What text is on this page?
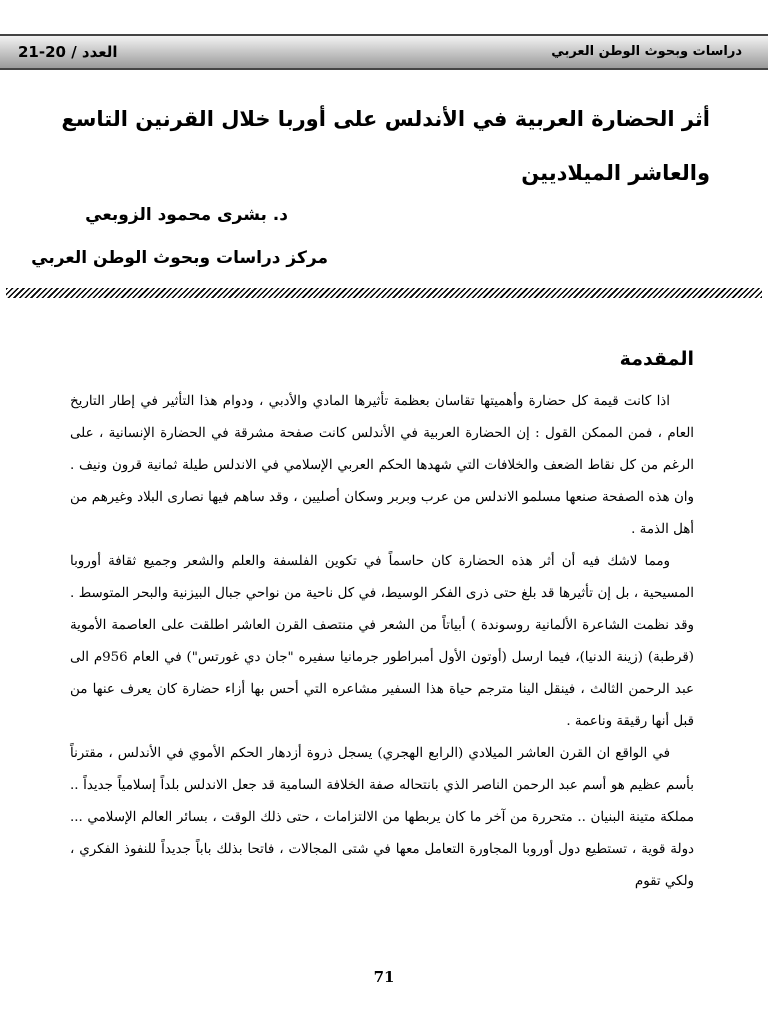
العدد / 20-21	دراسات وبحوث الوطن العربي
أثر الحضارة العربية في الأندلس على أوربا خلال القرنين التاسع والعاشر الميلاديين
د. بشرى محمود الزوبعي
مركز دراسات وبحوث الوطن العربي
المقدمة

اذا كانت قيمة كل حضارة وأهميتها تقاسان بعظمة تأثيرها المادي والأدبي ، ودوام هذا التأثير في إطار التاريخ العام ، فمن الممكن القول : إن الحضارة العربية في الأندلس كانت صفحة مشرقة في الحضارة الإنسانية ، على الرغم من كل نقاط الضعف والخلافات التي شهدها الحكم العربي الإسلامي في الاندلس طيلة ثمانية قرون ونيف . وان هذه الصفحة صنعها مسلمو الاندلس من عرب وبربر وسكان أصليين ، وقد ساهم فيها نصارى البلاد وغيرهم من أهل الذمة .

ومما لاشك فيه أن أثر هذه الحضارة كان حاسماً في تكوين الفلسفة والعلم والشعر وجميع ثقافة أوروبا المسيحية ، بل إن تأثيرها قد بلغ حتى ذرى الفكر الوسيط، في كل ناحية من نواحي جبال البيزنية والبحر المتوسط . وقد نظمت الشاعرة الألمانية روسوندة ) أبياتاً من الشعر في منتصف القرن العاشر اطلقت على العاصمة الأموية (قرطبة) (زينة الدنيا)، فيما ارسل (أوتون الأول أمبراطور جرمانيا سفيره "جان دي غورتس") في العام 956م الى عبد الرحمن الثالث ، فينقل الينا مترجم حياة هذا السفير مشاعره التي أحس بها أزاء حضارة كان يعرف عنها من قبل أنها رقيقة وناعمة .

في الواقع ان القرن العاشر الميلادي (الرابع الهجري) يسجل ذروة أزدهار الحكم الأموي في الأندلس ، مقترناً بأسم عظيم هو أسم عبد الرحمن الناصر الذي بانتحاله صفة الخلافة السامية قد جعل الاندلس بلداً إسلامياً جديداً .. مملكة متينة البنيان .. متحررة من آخر ما كان يربطها من الالتزامات ، حتى ذلك الوقت ، بسائر العالم الإسلامي ... دولة قوية ، تستطيع دول أوروبا المجاورة التعامل معها في شتى المجالات ، فاتحا بذلك باباً جديداً للنفوذ الفكري ، ولكي تقوم

71
